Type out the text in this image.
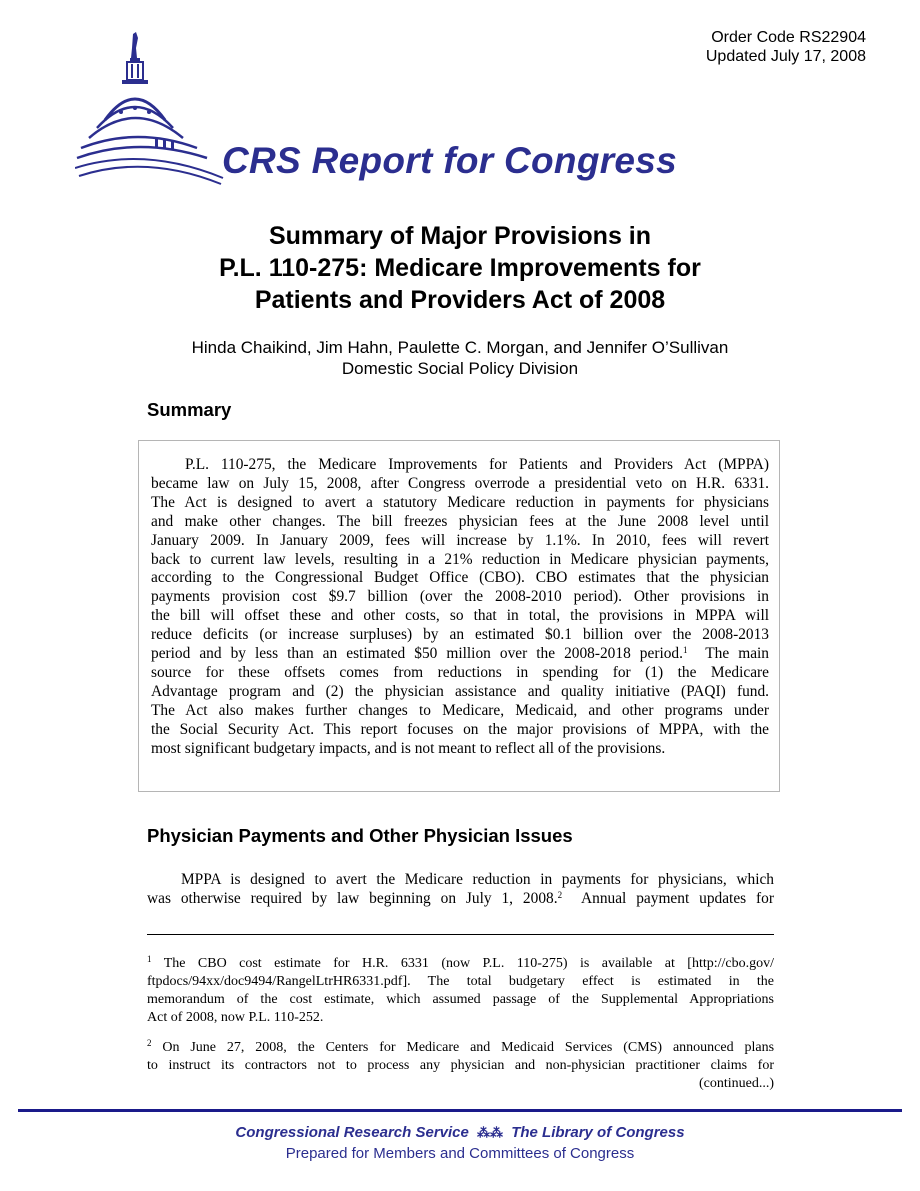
Order Code RS22904
Updated July 17, 2008
CRS Report for Congress
Summary of Major Provisions in
P.L. 110-275: Medicare Improvements for
Patients and Providers Act of 2008
Hinda Chaikind, Jim Hahn, Paulette C. Morgan, and Jennifer O’Sullivan
Domestic Social Policy Division
Summary
P.L. 110-275, the Medicare Improvements for Patients and Providers Act (MPPA)
became law on July 15, 2008, after Congress overrode a presidential veto on H.R. 6331.
The Act is designed to avert a statutory Medicare reduction in payments for physicians
and make other changes. The bill freezes physician fees at the June 2008 level until
January 2009. In January 2009, fees will increase by 1.1%. In 2010, fees will revert
back to current law levels, resulting in a 21% reduction in Medicare physician payments,
according to the Congressional Budget Office (CBO). CBO estimates that the physician
payments provision cost $9.7 billion (over the 2008-2010 period). Other provisions in
the bill will offset these and other costs, so that in total, the provisions in MPPA will
reduce deficits (or increase surpluses) by an estimated $0.1 billion over the 2008-2013
period and by less than an estimated $50 million over the 2008-2018 period.$^1$  The main
source for these offsets comes from reductions in spending for (1) the Medicare
Advantage program and (2) the physician assistance and quality initiative (PAQI) fund.
The Act also makes further changes to Medicare, Medicaid, and other programs under
the Social Security Act. This report focuses on the major provisions of MPPA, with the
most significant budgetary impacts, and is not meant to reflect all of the provisions.
Physician Payments and Other Physician Issues
MPPA is designed to avert the Medicare reduction in payments for physicians, which
was otherwise required by law beginning on July 1, 2008.$^2$  Annual payment updates for
$^1$ The CBO cost estimate for H.R. 6331 (now P.L. 110-275) is available at [http://cbo.gov/
ftpdocs/94xx/doc9494/RangelLtrHR6331.pdf]. The total budgetary effect is estimated in the
memorandum of the cost estimate, which assumed passage of the Supplemental Appropriations
Act of 2008, now P.L. 110-252.
$^2$ On June 27, 2008, the Centers for Medicare and Medicaid Services (CMS) announced plans
to instruct its contractors not to process any physician and non-physician practitioner claims for
(continued...)
Congressional Research Service ⁂⁂ The Library of Congress
Prepared for Members and Committees of Congress
